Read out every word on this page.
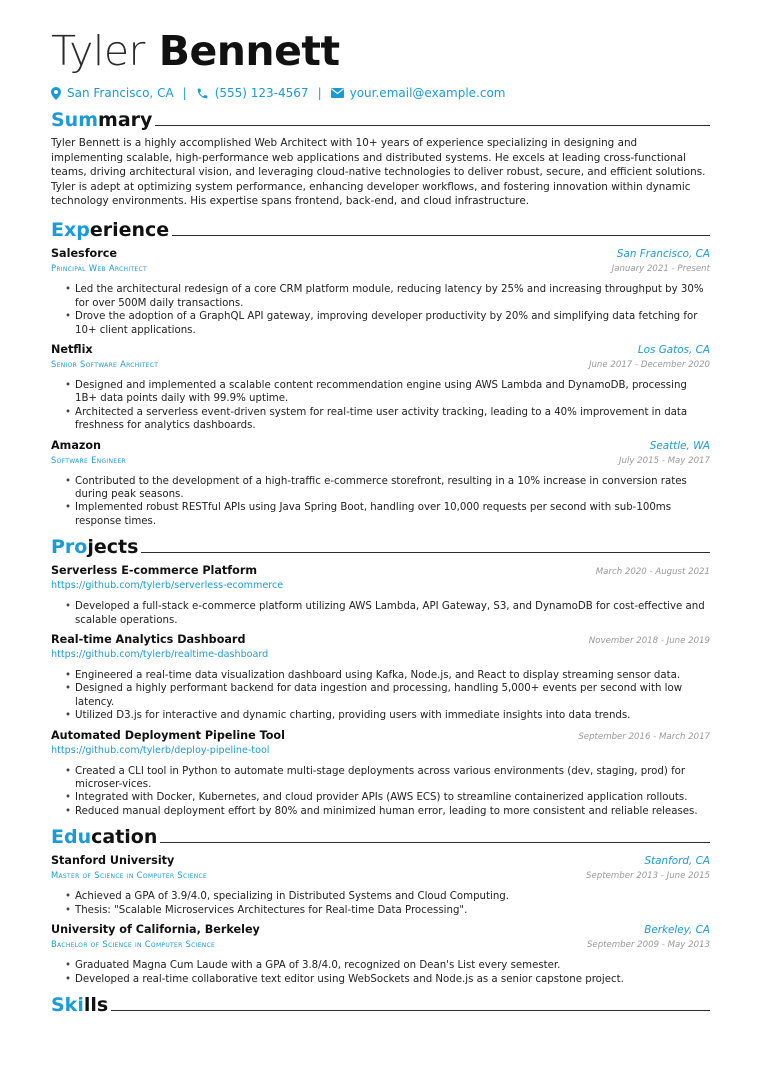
Tyler Bennett
San Francisco, CA | (555) 123-4567 | your.email@example.com
Summary

Tyler Bennett is a highly accomplished Web Architect with 10+ years of experience specializing in designing and implementing scalable, high-performance web applications and distributed systems. He excels at leading cross-functional teams, driving architectural vision, and leveraging cloud-native technologies to deliver robust, secure, and efficient solutions. Tyler is adept at optimizing system performance, enhancing developer workflows, and fostering innovation within dynamic technology environments. His expertise spans frontend, back-end, and cloud infrastructure.

Experience
Salesforce	San Francisco, CA
Principal Web Architect	January 2021 - Present
• Led the architectural redesign of a core CRM platform module, reducing latency by 25% and increasing throughput by 30% for over 500M daily transactions.
• Drove the adoption of a GraphQL API gateway, improving developer productivity by 20% and simplifying data fetching for 10+ client applications.
Netflix	Los Gatos, CA
Senior Software Architect	June 2017 - December 2020
• Designed and implemented a scalable content recommendation engine using AWS Lambda and DynamoDB, processing 1B+ data points daily with 99.9% uptime.
• Architected a serverless event-driven system for real-time user activity tracking, leading to a 40% improvement in data freshness for analytics dashboards.
Amazon	Seattle, WA
Software Engineer	July 2015 - May 2017
• Contributed to the development of a high-traffic e-commerce storefront, resulting in a 10% increase in conversion rates during peak seasons.
• Implemented robust RESTful APIs using Java Spring Boot, handling over 10,000 requests per second with sub-100ms response times.
Projects
Serverless E-commerce Platform	March 2020 - August 2021
https://github.com/tylerb/serverless-ecommerce
• Developed a full-stack e-commerce platform utilizing AWS Lambda, API Gateway, S3, and DynamoDB for cost-effective and scalable operations.
Real-time Analytics Dashboard	November 2018 - June 2019
https://github.com/tylerb/realtime-dashboard
• Engineered a real-time data visualization dashboard using Kafka, Node.js, and React to display streaming sensor data.
• Designed a highly performant backend for data ingestion and processing, handling 5,000+ events per second with low latency.
• Utilized D3.js for interactive and dynamic charting, providing users with immediate insights into data trends.
Automated Deployment Pipeline Tool	September 2016 - March 2017
https://github.com/tylerb/deploy-pipeline-tool
• Created a CLI tool in Python to automate multi-stage deployments across various environments (dev, staging, prod) for microser-vices.
• Integrated with Docker, Kubernetes, and cloud provider APIs (AWS ECS) to streamline containerized application rollouts.
• Reduced manual deployment effort by 80% and minimized human error, leading to more consistent and reliable releases.
Education
Stanford University	Stanford, CA
Master of Science in Computer Science	September 2013 - June 2015
• Achieved a GPA of 3.9/4.0, specializing in Distributed Systems and Cloud Computing.
• Thesis: "Scalable Microservices Architectures for Real-time Data Processing".
University of California, Berkeley	Berkeley, CA
Bachelor of Science in Computer Science	September 2009 - May 2013
• Graduated Magna Cum Laude with a GPA of 3.8/4.0, recognized on Dean's List every semester.
• Developed a real-time collaborative text editor using WebSockets and Node.js as a senior capstone project.
Skills
